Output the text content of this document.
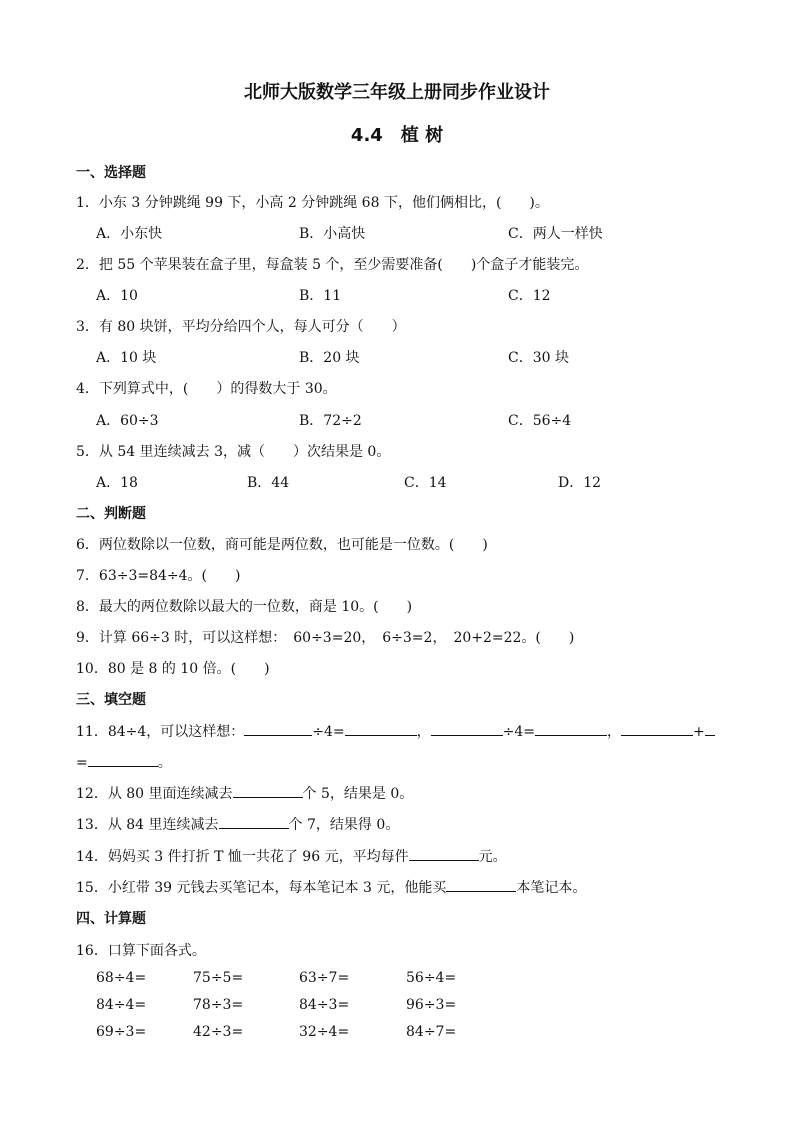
北师大版数学三年级上册同步作业设计
4.4　植 树
一、选择题
1．小东 3 分钟跳绳 99 下，小高 2 分钟跳绳 68 下，他们俩相比，(　　)。
A．小东快	B．小高快	C．两人一样快
2．把 55 个苹果装在盒子里，每盒装 5 个，至少需要准备(　　)个盒子才能装完。
A．10	B．11	C．12
3．有 80 块饼，平均分给四个人，每人可分（　　）
A．10 块	B．20 块	C．30 块
4．下列算式中，(　　）的得数大于 30。
A．60÷3	B．72÷2	C．56÷4
5．从 54 里连续减去 3，减（　　）次结果是 0。
A．18	B．44	C．14	D．12
二、判断题
6．两位数除以一位数，商可能是两位数，也可能是一位数。(　　)
7．63÷3=84÷4。(　　)
8．最大的两位数除以最大的一位数，商是 10。(　　)
9．计算 66÷3 时，可以这样想：　60÷3=20，　6÷3=2，　20+2=22。(　　)
10．80 是 8 的 10 倍。(　　)
三、填空题
11．84÷4，可以这样想：	÷4=	，	÷4=	，	+
=	。
12．从 80 里面连续减去	个 5，结果是 0。
13．从 84 里连续减去	个 7，结果得 0。
14．妈妈买 3 件打折 T 恤一共花了 96 元，平均每件	元。
15．小红带 39 元钱去买笔记本，每本笔记本 3 元，他能买	本笔记本。
四、计算题
16．口算下面各式。
68÷4=	75÷5=	63÷7=	56÷4=
84÷4=	78÷3=	84÷3=	96÷3=
69÷3=	42÷3=	32÷4=	84÷7=
